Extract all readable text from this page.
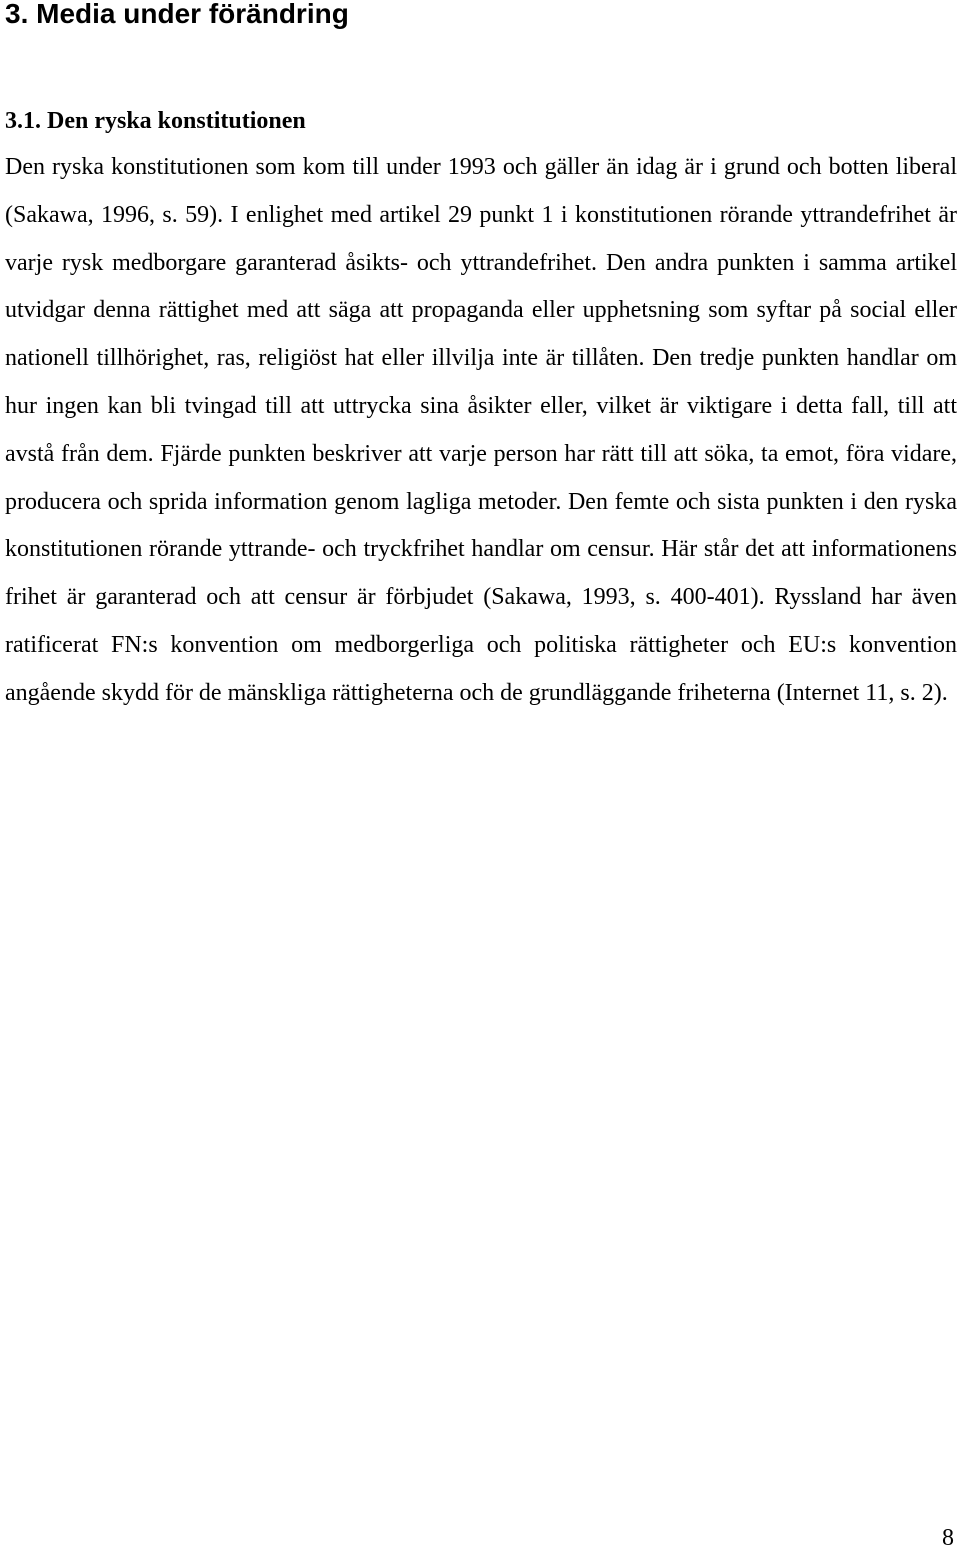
3. Media under förändring
3.1. Den ryska konstitutionen

Den ryska konstitutionen som kom till under 1993 och gäller än idag är i grund och botten liberal (Sakawa, 1996, s. 59). I enlighet med artikel 29 punkt 1 i konstitutionen rörande yttrandefrihet är varje rysk medborgare garanterad åsikts- och yttrandefrihet. Den andra punkten i samma artikel utvidgar denna rättighet med att säga att propaganda eller upphetsning som syftar på social eller nationell tillhörighet, ras, religiöst hat eller illvilja inte är tillåten. Den tredje punkten handlar om hur ingen kan bli tvingad till att uttrycka sina åsikter eller, vilket är viktigare i detta fall, till att avstå från dem. Fjärde punkten beskriver att varje person har rätt till att söka, ta emot, föra vidare, producera och sprida information genom lagliga metoder. Den femte och sista punkten i den ryska konstitutionen rörande yttrande- och tryckfrihet handlar om censur. Här står det att informationens frihet är garanterad och att censur är förbjudet (Sakawa, 1993, s. 400-401). Ryssland har även ratificerat FN:s konvention om medborgerliga och politiska rättigheter och EU:s konvention angående skydd för de mänskliga rättigheterna och de grundläggande friheterna (Internet 11, s. 2).

8
